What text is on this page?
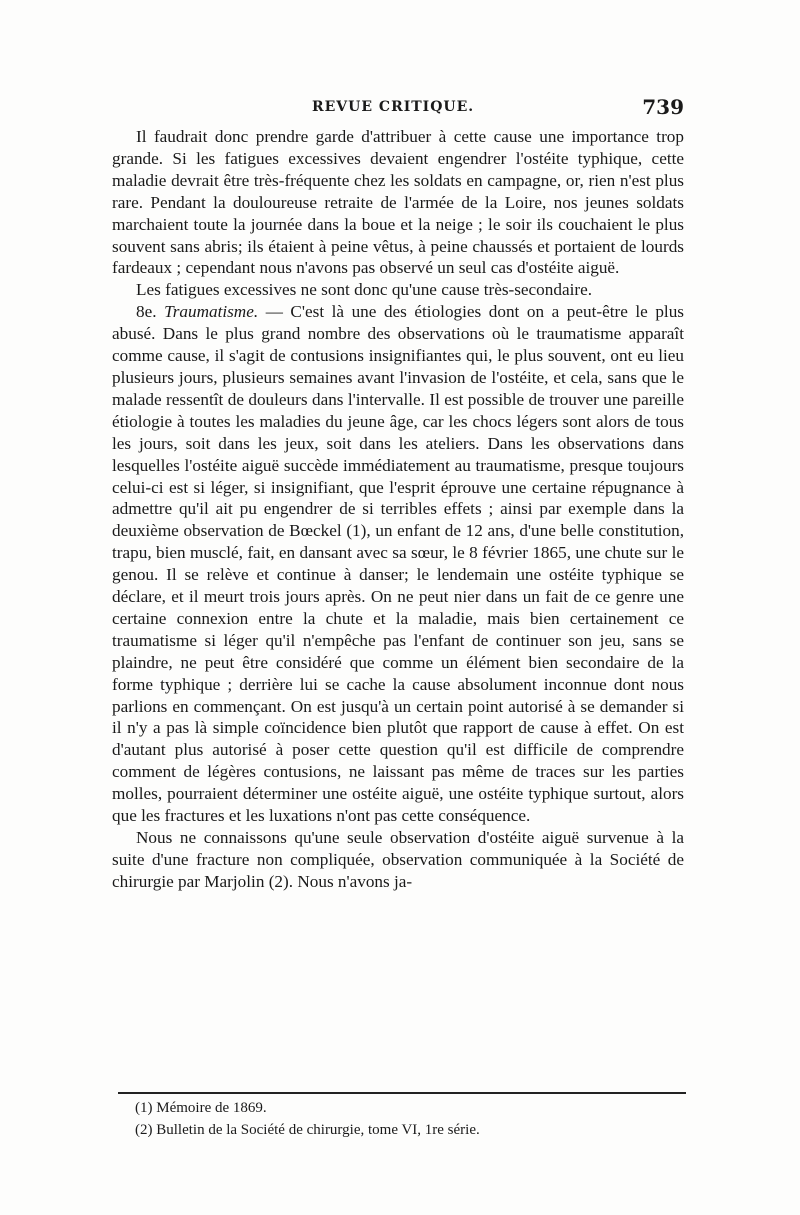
REVUE CRITIQUE.	739

Il faudrait donc prendre garde d'attribuer à cette cause une importance trop grande. Si les fatigues excessives devaient engendrer l'ostéite typhique, cette maladie devrait être très-fréquente chez les soldats en campagne, or, rien n'est plus rare. Pendant la douloureuse retraite de l'armée de la Loire, nos jeunes soldats marchaient toute la journée dans la boue et la neige ; le soir ils couchaient le plus souvent sans abris; ils étaient à peine vêtus, à peine chaussés et portaient de lourds fardeaux ; cependant nous n'avons pas observé un seul cas d'ostéite aiguë.

Les fatigues excessives ne sont donc qu'une cause très-secondaire.

8e. Traumatisme. — C'est là une des étiologies dont on a peut-être le plus abusé. Dans le plus grand nombre des observations où le traumatisme apparaît comme cause, il s'agit de contusions insignifiantes qui, le plus souvent, ont eu lieu plusieurs jours, plusieurs semaines avant l'invasion de l'ostéite, et cela, sans que le malade ressentît de douleurs dans l'intervalle. Il est possible de trouver une pareille étiologie à toutes les maladies du jeune âge, car les chocs légers sont alors de tous les jours, soit dans les jeux, soit dans les ateliers. Dans les observations dans lesquelles l'ostéite aiguë succède immédiatement au traumatisme, presque toujours celui-ci est si léger, si insignifiant, que l'esprit éprouve une certaine répugnance à admettre qu'il ait pu engendrer de si terribles effets ; ainsi par exemple dans la deuxième observation de Bœckel (1), un enfant de 12 ans, d'une belle constitution, trapu, bien musclé, fait, en dansant avec sa sœur, le 8 février 1865, une chute sur le genou. Il se relève et continue à danser; le lendemain une ostéite typhique se déclare, et il meurt trois jours après. On ne peut nier dans un fait de ce genre une certaine connexion entre la chute et la maladie, mais bien certainement ce traumatisme si léger qu'il n'empêche pas l'enfant de continuer son jeu, sans se plaindre, ne peut être considéré que comme un élément bien secondaire de la forme typhique ; derrière lui se cache la cause absolument inconnue dont nous parlions en commençant. On est jusqu'à un certain point autorisé à se demander si il n'y a pas là simple coïncidence bien plutôt que rapport de cause à effet. On est d'autant plus autorisé à poser cette question qu'il est difficile de comprendre comment de légères contusions, ne laissant pas même de traces sur les parties molles, pourraient déterminer une ostéite aiguë, une ostéite typhique surtout, alors que les fractures et les luxations n'ont pas cette conséquence.

Nous ne connaissons qu'une seule observation d'ostéite aiguë survenue à la suite d'une fracture non compliquée, observation communiquée à la Société de chirurgie par Marjolin (2). Nous n'avons ja-

(1) Mémoire de 1869.
(2) Bulletin de la Société de chirurgie, tome VI, 1re série.
